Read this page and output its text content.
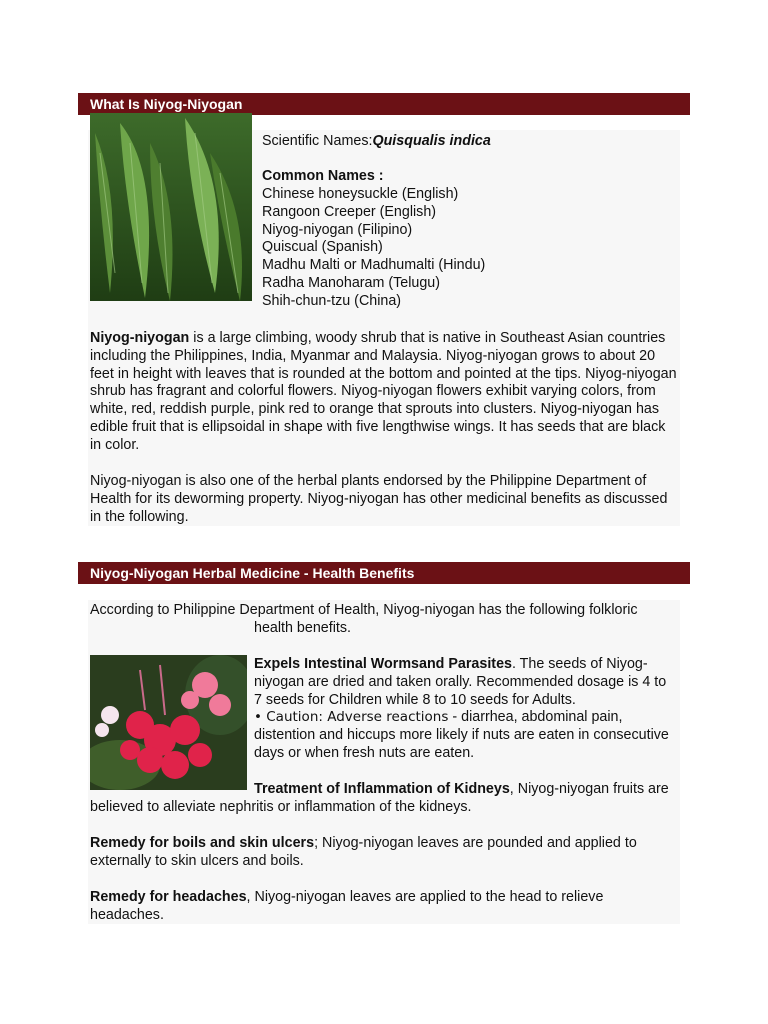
What Is Niyog-Niyogan
Scientific Names:Quisqualis indica
Common Names :
Chinese honeysuckle (English)
Rangoon Creeper (English)
Niyog-niyogan (Filipino)
Quiscual (Spanish)
Madhu Malti or Madhumalti (Hindu)
Radha Manoharam (Telugu)
Shih-chun-tzu (China)
Niyog-niyogan is a large climbing, woody shrub that is native in Southeast Asian countries including the Philippines, India, Myanmar and Malaysia. Niyog-niyogan grows to about 20 feet in height with leaves that is rounded at the bottom and pointed at the tips. Niyog-niyogan shrub has fragrant and colorful flowers. Niyog-niyogan flowers exhibit varying colors, from white, red, reddish purple, pink red to orange that sprouts into clusters. Niyog-niyogan has edible fruit that is ellipsoidal in shape with five lengthwise wings. It has seeds that are black in color.
Niyog-niyogan is also one of the herbal plants endorsed by the Philippine Department of Health for its deworming property. Niyog-niyogan has other medicinal benefits as discussed in the following.
Niyog-Niyogan Herbal Medicine - Health Benefits
According to Philippine Department of Health, Niyog-niyogan has the following folkloric
health benefits.
Expels Intestinal Wormsand Parasites. The seeds of Niyog-niyogan are dried and taken orally. Recommended dosage is 4 to 7 seeds for Children while 8 to 10 seeds for Adults.
• Caution: Adverse reactions - diarrhea, abdominal pain, distention and hiccups more likely if nuts are eaten in consecutive days or when fresh nuts are eaten.
Treatment of Inflammation of Kidneys, Niyog-niyogan fruits are believed to alleviate nephritis or inflammation of the kidneys.
Remedy for boils and skin ulcers; Niyog-niyogan leaves are pounded and applied to externally to skin ulcers and boils.
Remedy for headaches, Niyog-niyogan leaves are applied to the head to relieve headaches.
